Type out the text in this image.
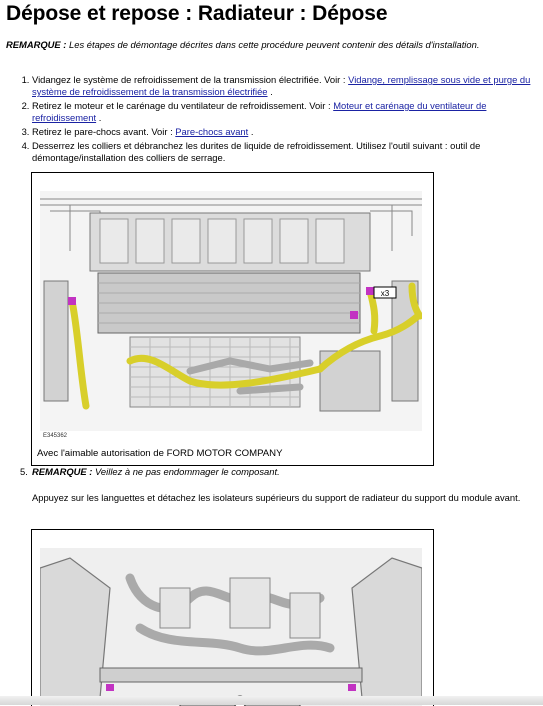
Dépose et repose : Radiateur : Dépose
REMARQUE : Les étapes de démontage décrites dans cette procédure peuvent contenir des détails d'installation.
1. Vidangez le système de refroidissement de la transmission électrifiée. Voir : Vidange, remplissage sous vide et purge du système de refroidissement de la transmission électrifiée .
2. Retirez le moteur et le carénage du ventilateur de refroidissement. Voir : Moteur et carénage du ventilateur de refroidissement .
3. Retirez le pare-chocs avant. Voir : Pare-chocs avant .
4. Desserrez les colliers et débranchez les durites de liquide de refroidissement. Utilisez l'outil suivant : outil de démontage/installation des colliers de serrage.
x3
E345362
Avec l'aimable autorisation de FORD MOTOR COMPANY
5. REMARQUE : Veillez à ne pas endommager le composant.

Appuyez sur les languettes et détachez les isolateurs supérieurs du support de radiateur du support du module avant.
